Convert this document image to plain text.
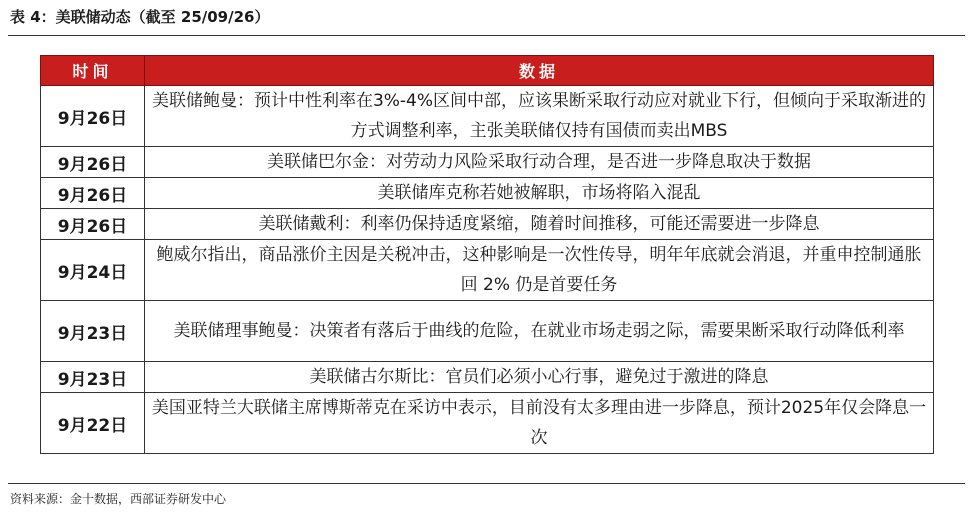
表 4：美联储动态（截至 25/09/26）
时间	数据
9月26日	美联储鲍曼：预计中性利率在3%-4%区间中部，应该果断采取行动应对就业下行，但倾向于采取渐进的方式调整利率，主张美联储仅持有国债而卖出MBS
9月26日	美联储巴尔金：对劳动力风险采取行动合理，是否进一步降息取决于数据
9月26日	美联储库克称若她被解职，市场将陷入混乱
9月26日	美联储戴利：利率仍保持适度紧缩，随着时间推移，可能还需要进一步降息
9月24日	鲍威尔指出，商品涨价主因是关税冲击，这种影响是一次性传导，明年年底就会消退，并重申控制通胀回 2% 仍是首要任务
9月23日	美联储理事鲍曼：决策者有落后于曲线的危险，在就业市场走弱之际，需要果断采取行动降低利率
9月23日	美联储古尔斯比：官员们必须小心行事，避免过于激进的降息
9月22日	美国亚特兰大联储主席博斯蒂克在采访中表示，目前没有太多理由进一步降息，预计2025年仅会降息一次
资料来源：金十数据，西部证券研发中心
